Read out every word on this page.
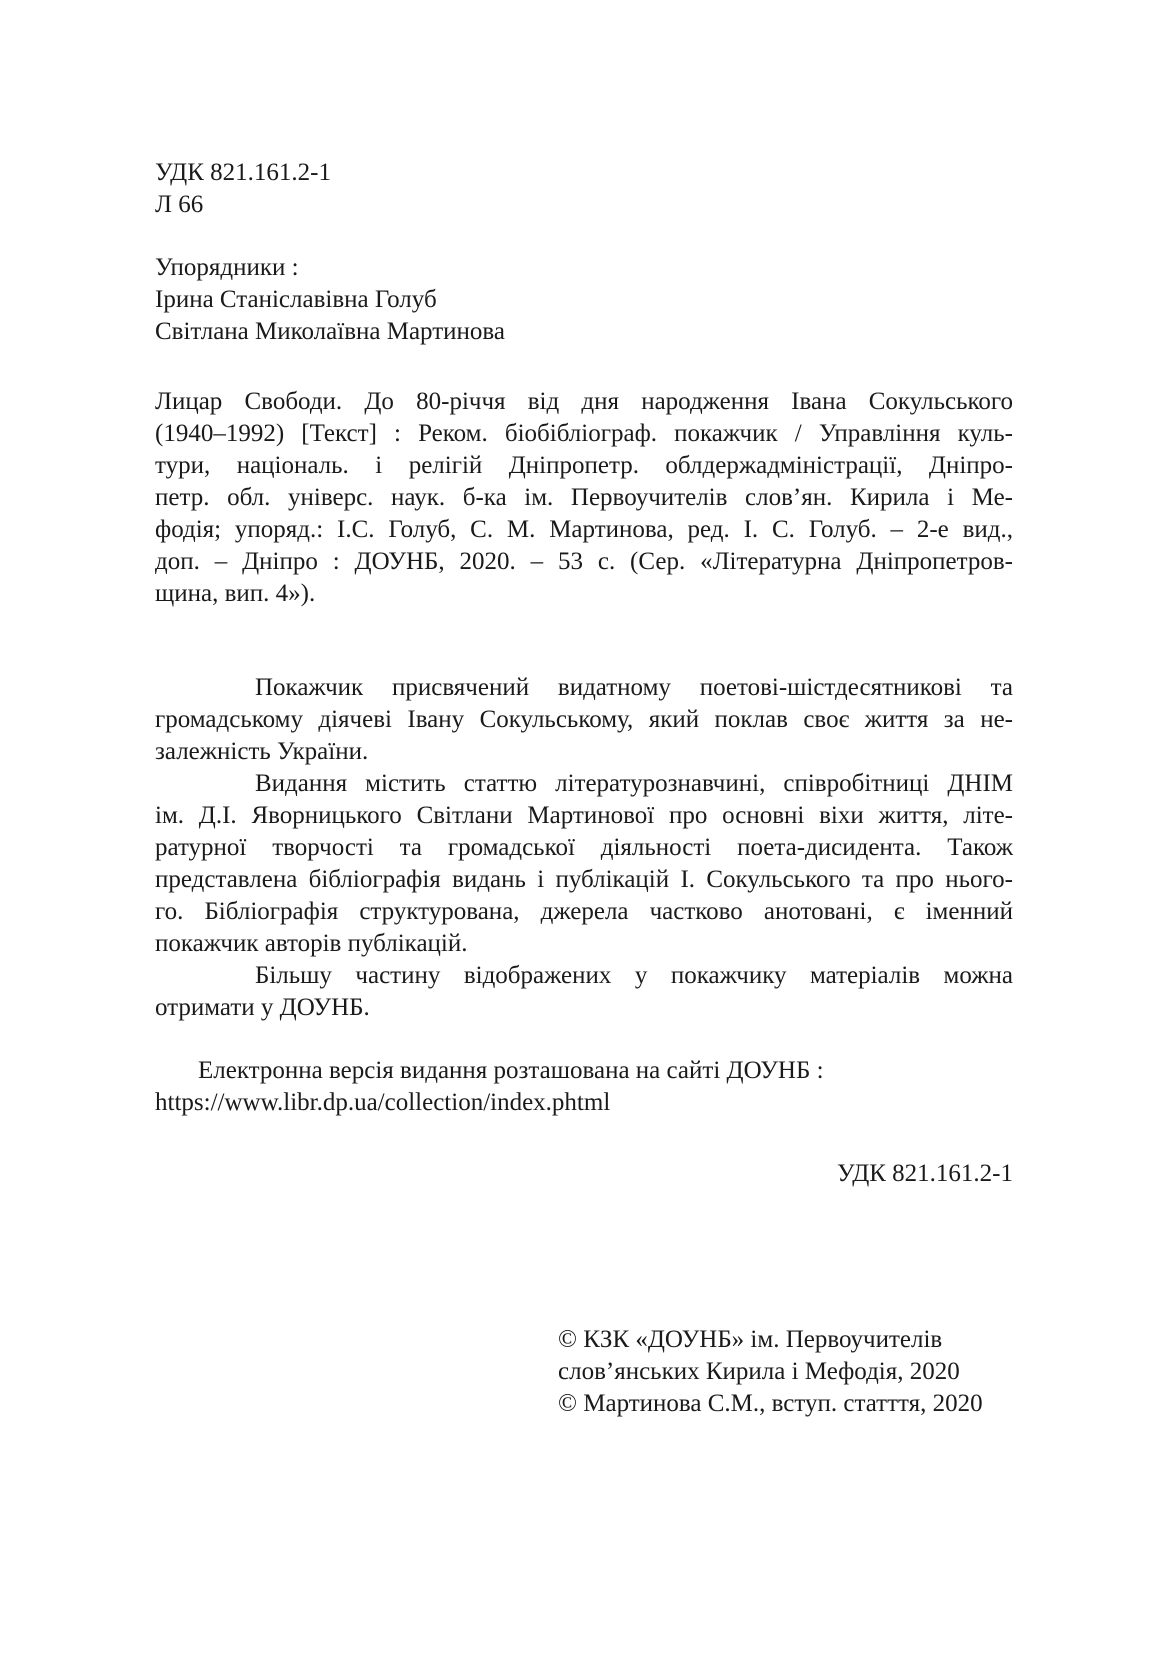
УДК 821.161.2-1
Л 66
Упорядники :
Ірина Станіславівна Голуб
Світлана Миколаївна Мартинова
Лицар Свободи. До 80-річчя від дня народження Івана Сокульського
(1940–1992) [Текст] : Реком. біобібліограф. покажчик / Управління куль-
тури, національ. і релігій Дніпропетр. облдержадміністрації, Дніпро-
петр. обл. універс. наук. б-ка ім. Первоучителів слов’ян. Кирила і Ме-
фодія; упоряд.: І.С. Голуб, С. М. Мартинова, ред. І. С. Голуб. – 2-е вид.,
доп. – Дніпро : ДОУНБ, 2020. – 53 с. (Сер. «Літературна Дніпропетров-
щина, вип. 4»).
Покажчик присвячений видатному поетові-шістдесятникові та
громадському діячеві Івану Сокульському, який поклав своє життя за не-
залежність України.
Видання містить статтю літературознавчині, співробітниці ДНІМ
ім. Д.І. Яворницького Світлани Мартинової про основні віхи життя, літе-
ратурної творчості та громадської діяльності поета-дисидента. Також
представлена бібліографія видань і публікацій І. Сокульського та про нього-
го. Бібліографія структурована, джерела частково анотовані, є іменний
покажчик авторів публікацій.
Більшу частину відображених у покажчику матеріалів можна
отримати у ДОУНБ.
Електронна версія видання розташована на сайті ДОУНБ :
https://www.libr.dp.ua/collection/index.phtml
УДК 821.161.2-1
© КЗК «ДОУНБ» ім. Первоучителів
слов’янських Кирила і Мефодія, 2020
© Мартинова С.М., вступ. статття, 2020
